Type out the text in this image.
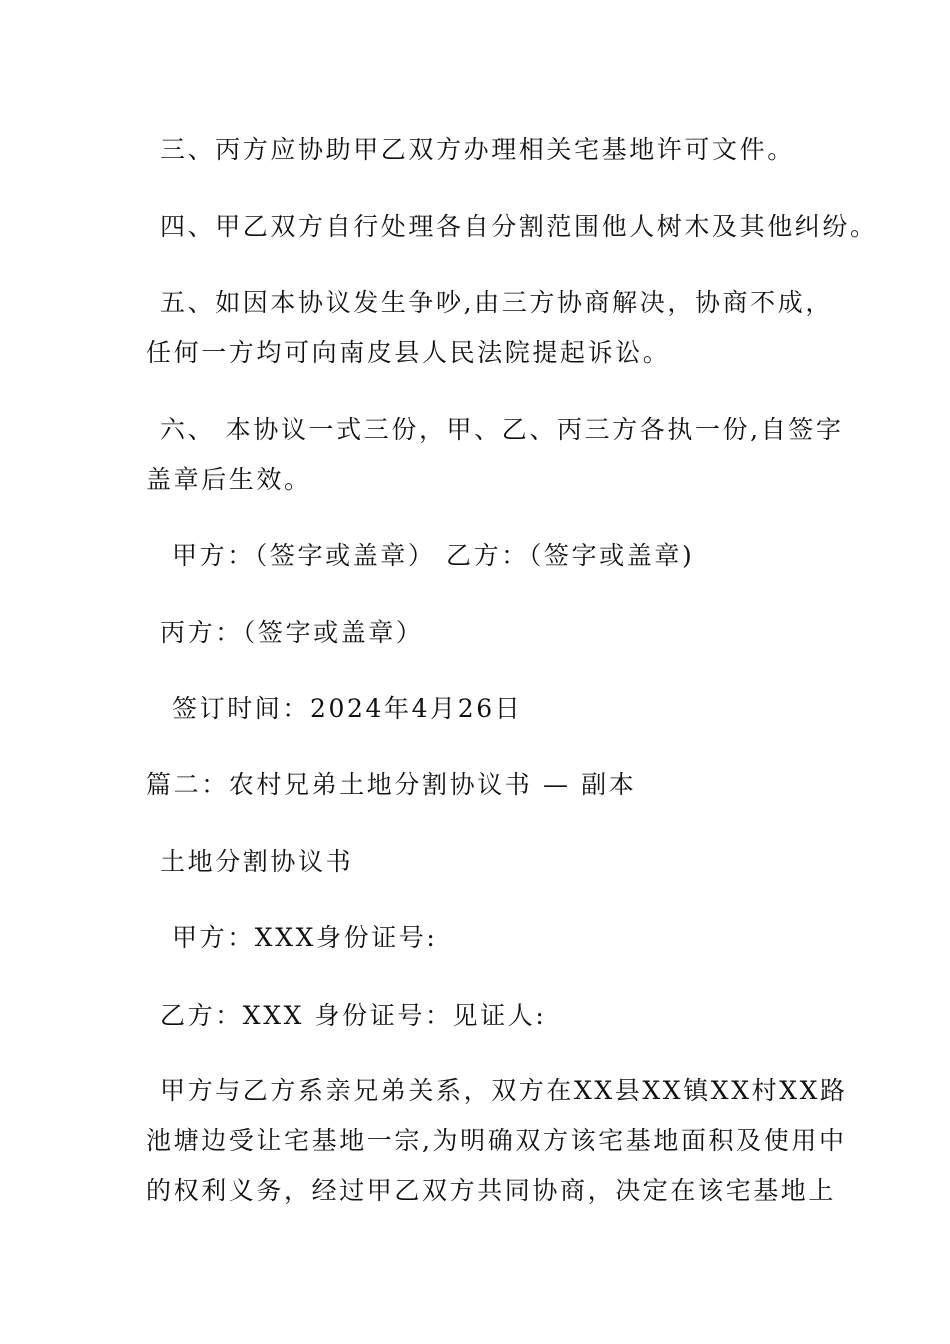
三、丙方应协助甲乙双方办理相关宅基地许可文件。
四、甲乙双方自行处理各自分割范围他人树木及其他纠纷。
五、如因本协议发生争吵,由三方协商解决，协商不成，
任何一方均可向南皮县人民法院提起诉讼。
六、 本协议一式三份，甲、乙、丙三方各执一份,自签字
盖章后生效。
甲方：（签字或盖章） 乙方：（签字或盖章)
丙方：（签字或盖章）
签订时间：2024年4月26日
篇二：农村兄弟土地分割协议书 — 副本
土地分割协议书
甲方：XXX身份证号:
乙方：XXX 身份证号：见证人:
甲方与乙方系亲兄弟关系，双方在XX县XX镇XX村XX路
池塘边受让宅基地一宗,为明确双方该宅基地面积及使用中
的权利义务，经过甲乙双方共同协商，决定在该宅基地上
